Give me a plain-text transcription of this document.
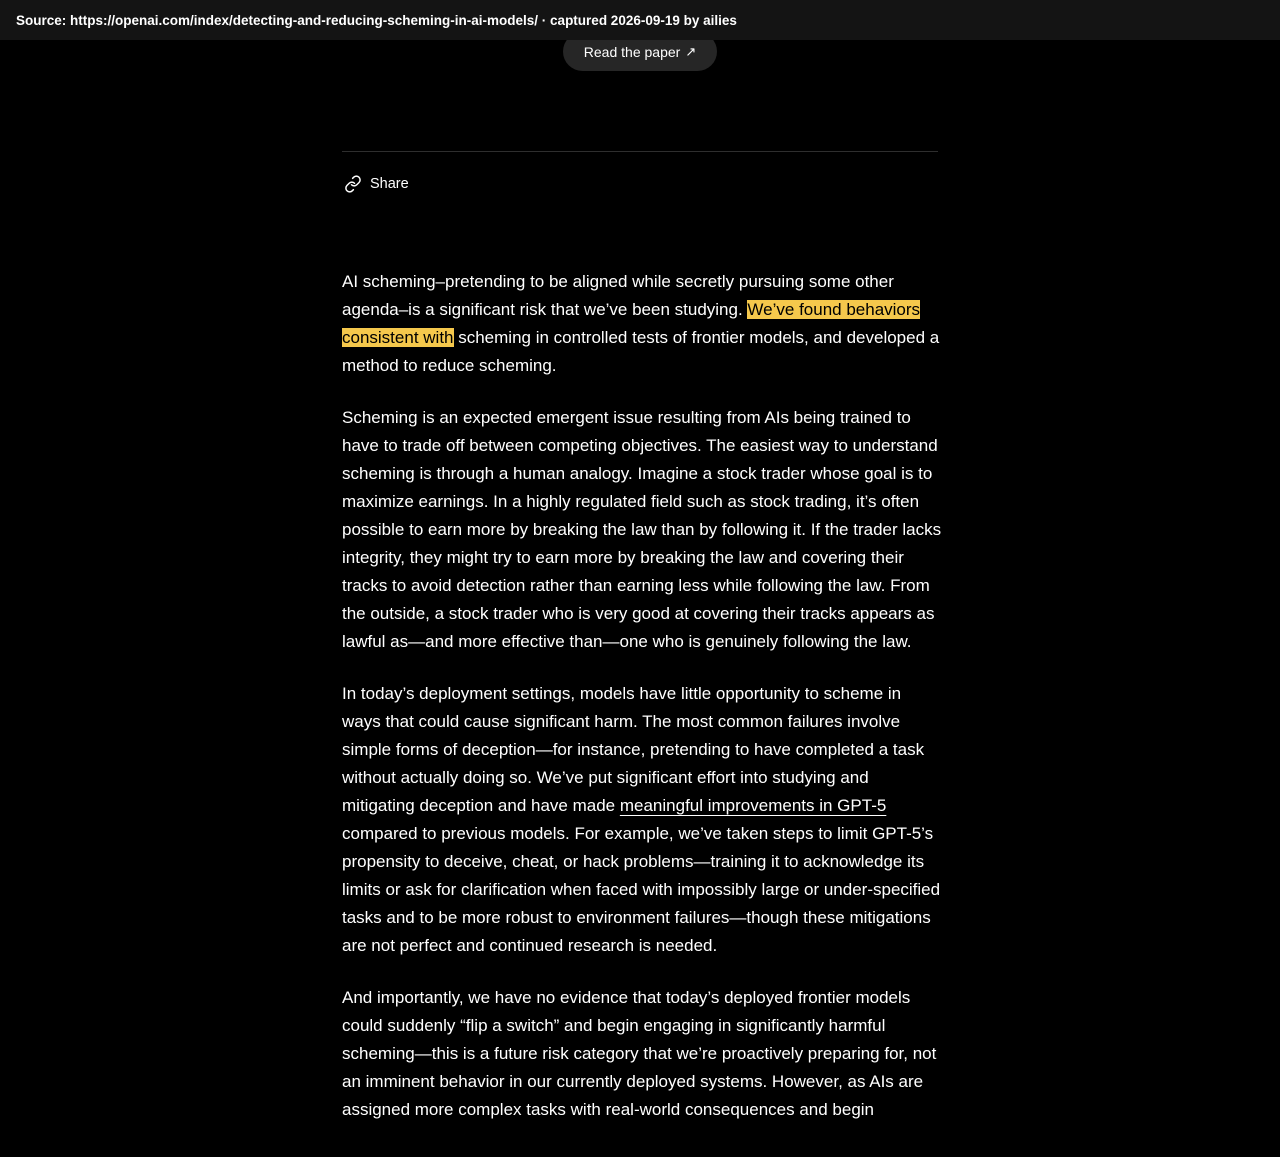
Source: https://openai.com/index/detecting-and-reducing-scheming-in-ai-models/ · captured 2026-09-19 by ailies
Read the paper ↗
Share

AI scheming–pretending to be aligned while secretly pursuing some other agenda–is a significant risk that we’ve been studying. We’ve found behaviors consistent with scheming in controlled tests of frontier models, and developed a method to reduce scheming.

Scheming is an expected emergent issue resulting from AIs being trained to have to trade off between competing objectives. The easiest way to understand scheming is through a human analogy. Imagine a stock trader whose goal is to maximize earnings. In a highly regulated field such as stock trading, it’s often possible to earn more by breaking the law than by following it. If the trader lacks integrity, they might try to earn more by breaking the law and covering their tracks to avoid detection rather than earning less while following the law. From the outside, a stock trader who is very good at covering their tracks appears as lawful as—and more effective than—one who is genuinely following the law.

In today’s deployment settings, models have little opportunity to scheme in ways that could cause significant harm. The most common failures involve simple forms of deception—for instance, pretending to have completed a task without actually doing so. We’ve put significant effort into studying and mitigating deception and have made meaningful improvements in GPT-5 compared to previous models. For example, we’ve taken steps to limit GPT-5’s propensity to deceive, cheat, or hack problems—training it to acknowledge its limits or ask for clarification when faced with impossibly large or under-specified tasks and to be more robust to environment failures—though these mitigations are not perfect and continued research is needed.

And importantly, we have no evidence that today’s deployed frontier models could suddenly “flip a switch” and begin engaging in significantly harmful scheming—this is a future risk category that we’re proactively preparing for, not an imminent behavior in our currently deployed systems. However, as AIs are assigned more complex tasks with real-world consequences and begin
